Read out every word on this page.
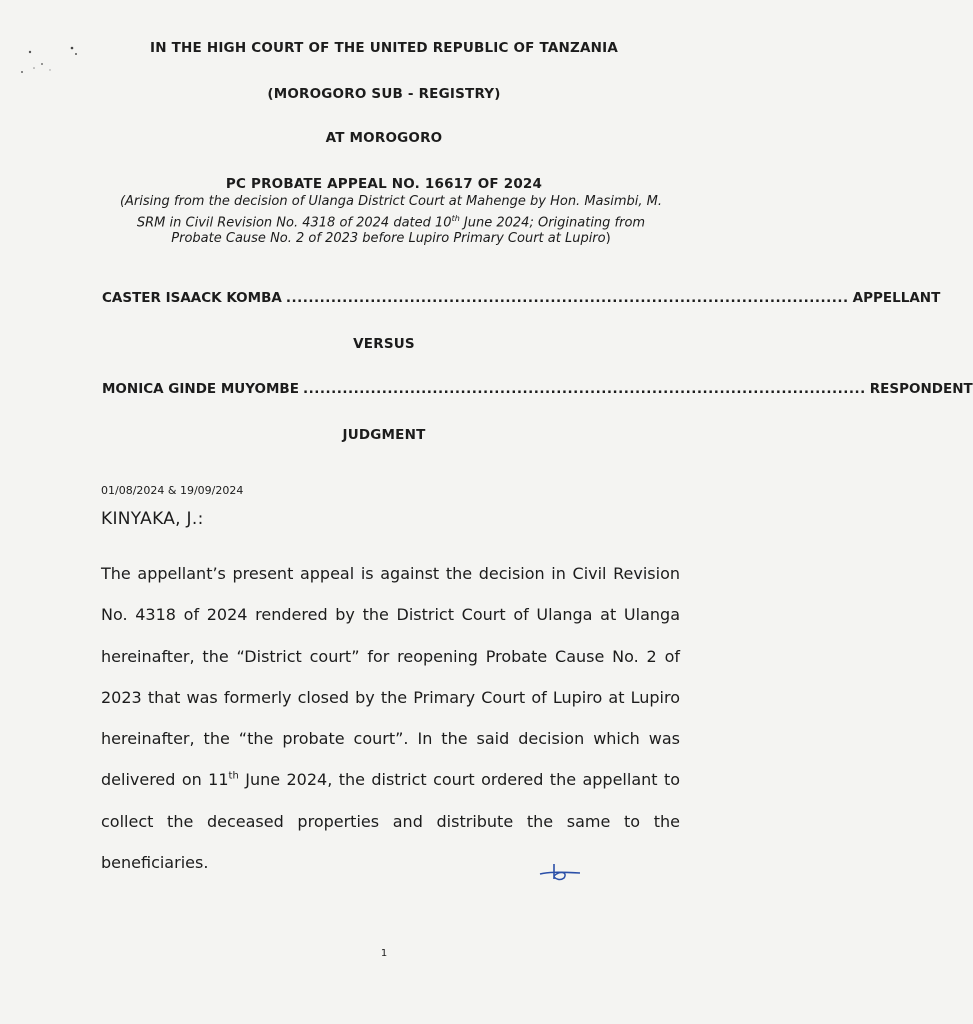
IN THE HIGH COURT OF THE UNITED REPUBLIC OF TANZANIA
(MOROGORO SUB - REGISTRY)
AT MOROGORO
PC PROBATE APPEAL NO. 16617 OF 2024
(Arising from the decision of Ulanga District Court at Mahenge by Hon. Masimbi, M.
SRM in Civil Revision No. 4318 of 2024 dated 10th June 2024; Originating from
Probate Cause No. 2 of 2023 before Lupiro Primary Court at Lupiro)
CASTER ISAACK KOMBA .................................................................................................... APPELLANT
VERSUS
MONICA GINDE MUYOMBE .................................................................................................... RESPONDENT
JUDGMENT
01/08/2024 & 19/09/2024
KINYAKA, J.:
The appellant’s present appeal is against the decision in Civil Revision No. 4318 of 2024 rendered by the District Court of Ulanga at Ulanga hereinafter, the “District court” for reopening Probate Cause No. 2 of 2023 that was formerly closed by the Primary Court of Lupiro at Lupiro hereinafter, the “the probate court”. In the said decision which was delivered on 11th June 2024, the district court ordered the appellant to collect the deceased properties and distribute the same to the beneficiaries.
1
